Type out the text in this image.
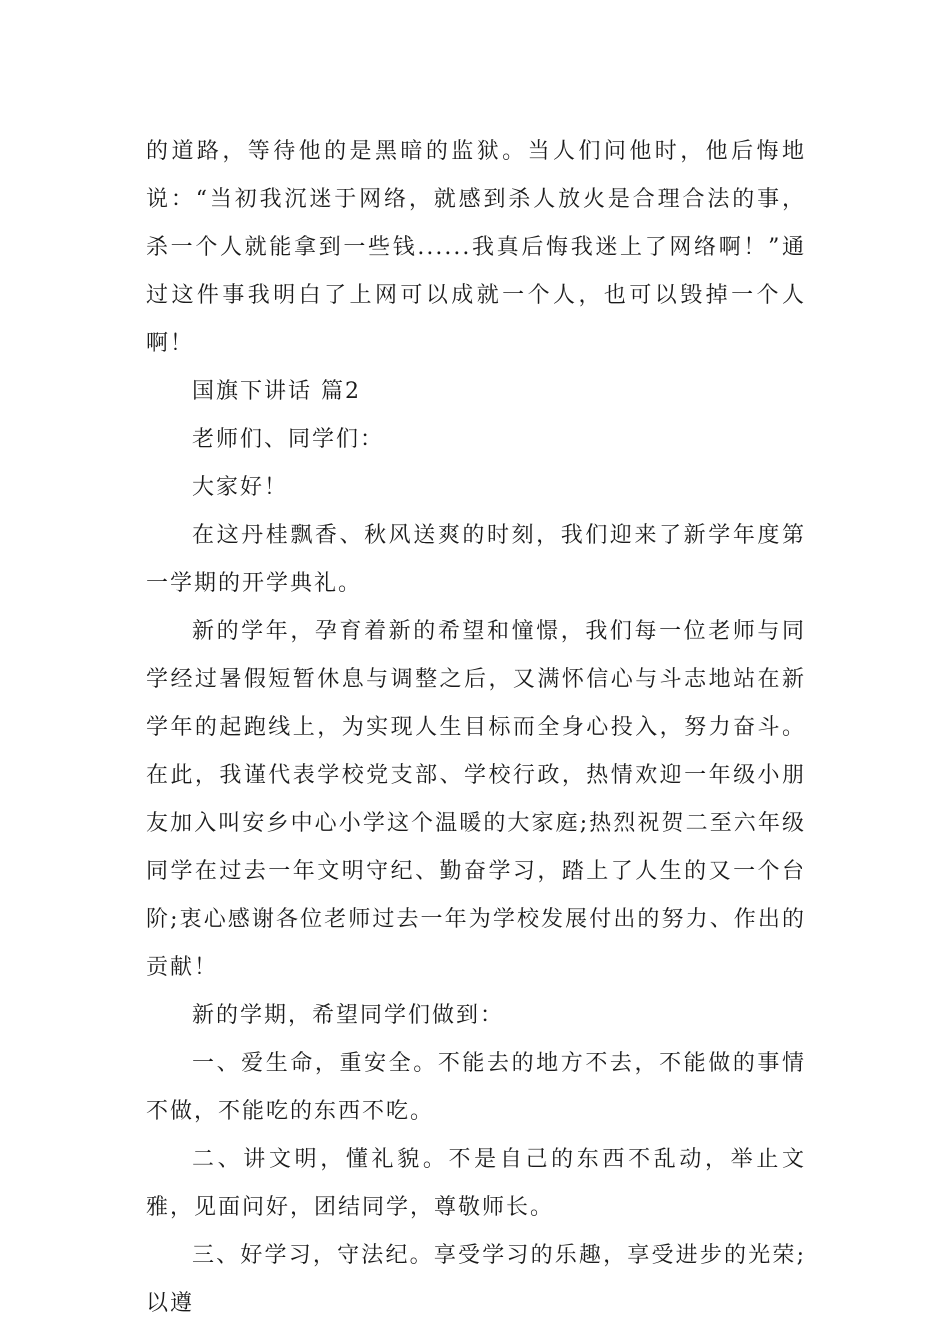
的道路，等待他的是黑暗的监狱。当人们问他时，他后悔地说：“当初我沉迷于网络，就感到杀人放火是合理合法的事，杀一个人就能拿到一些钱......我真后悔我迷上了网络啊！”通过这件事我明白了上网可以成就一个人，也可以毁掉一个人啊！

国旗下讲话 篇2

老师们、同学们：

大家好！

在这丹桂飘香、秋风送爽的时刻，我们迎来了新学年度第一学期的开学典礼。

新的学年，孕育着新的希望和憧憬，我们每一位老师与同学经过暑假短暂休息与调整之后，又满怀信心与斗志地站在新学年的起跑线上，为实现人生目标而全身心投入，努力奋斗。在此，我谨代表学校党支部、学校行政，热情欢迎一年级小朋友加入叫安乡中心小学这个温暖的大家庭;热烈祝贺二至六年级同学在过去一年文明守纪、勤奋学习，踏上了人生的又一个台阶;衷心感谢各位老师过去一年为学校发展付出的努力、作出的贡献！

新的学期，希望同学们做到：

一、爱生命，重安全。不能去的地方不去，不能做的事情不做，不能吃的东西不吃。

二、讲文明，懂礼貌。不是自己的东西不乱动，举止文雅，见面问好，团结同学，尊敬师长。

三、好学习，守法纪。享受学习的乐趣，享受进步的光荣;以遵
